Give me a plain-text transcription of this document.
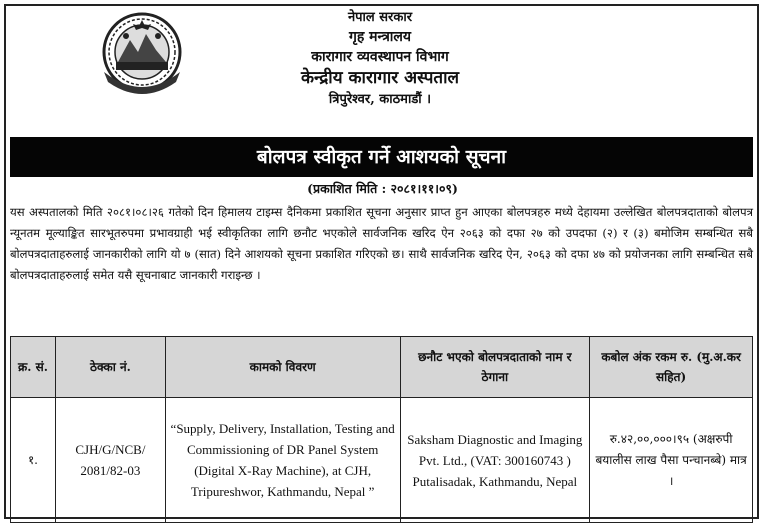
नेपाल सरकार
गृह मन्त्रालय
कारागार व्यवस्थापन विभाग
केन्द्रीय कारागार अस्पताल
त्रिपुरेश्वर, काठमाडौं ।
बोलपत्र स्वीकृत गर्ने आशयको सूचना
(प्रकाशित मिति : २०८१।११।०९)
यस अस्पतालको मिति २०८१।०८।२६ गतेको दिन हिमालय टाइम्स दैनिकमा प्रकाशित सूचना अनुसार प्राप्त हुन आएका बोलपत्रहरु मध्ये देहायमा उल्लेखित बोलपत्रदाताको बोलपत्र न्यूनतम मूल्याङ्कित सारभूतरुपमा प्रभावग्राही भई स्वीकृतिका लागि छनौट भएकोले सार्वजनिक खरिद ऐन २०६३ को दफा २७ को उपदफा (२) र (३) बमोजिम सम्बन्धित सबै बोलपत्रदाताहरुलाई जानकारीको लागि यो ७ (सात) दिने आशयको सूचना प्रकाशित गरिएको छ। साथै सार्वजनिक खरिद ऐन, २०६३ को दफा ४७ को प्रयोजनका लागि सम्बन्धित सबै बोलपत्रदाताहरुलाई समेत यसै सूचनाबाट जानकारी गराइन्छ ।
क्र. सं.	ठेक्का नं.	कामको विवरण	छनौट भएको बोलपत्रदाताको नाम र ठेगाना	कबोल अंक रकम रु. (मु.अ.कर सहित)
१.	CJH/G/NCB/ 2081/82-03	“Supply, Delivery, Installation, Testing and Commissioning of DR Panel System (Digital X-Ray Machine), at CJH, Tripureshwor, Kathmandu, Nepal ”	Saksham Diagnostic and Imaging Pvt. Ltd., (VAT: 300160743 ) Putalisadak, Kathmandu, Nepal	रु.४२,००,०००।९५ (अक्षरुपी बयालीस लाख पैसा पन्चानब्बे) मात्र ।
